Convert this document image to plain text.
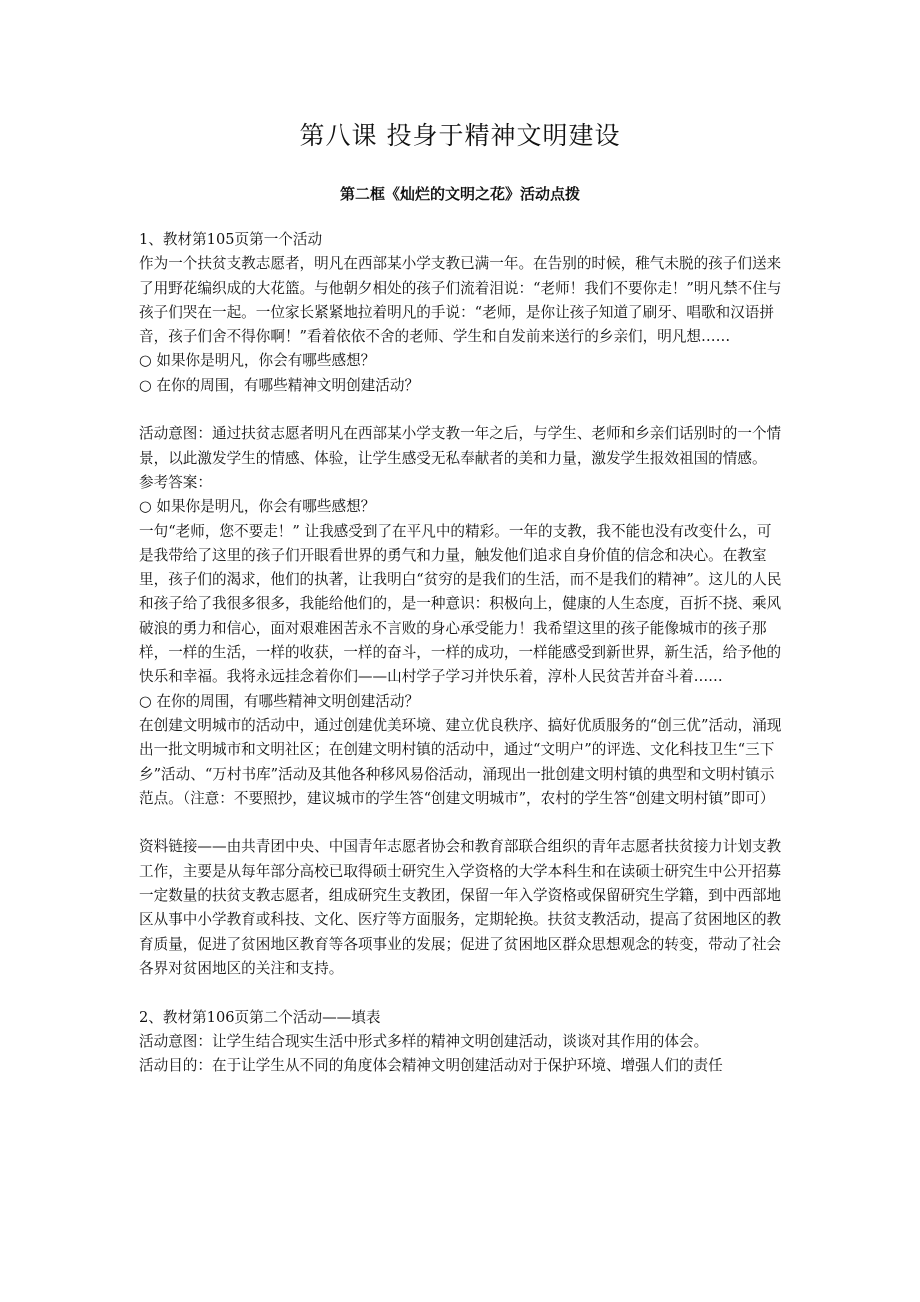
第八课 投身于精神文明建设
第二框《灿烂的文明之花》活动点拨

1、教材第105页第一个活动

作为一个扶贫支教志愿者，明凡在西部某小学支教已满一年。在告别的时候，稚气未脱的孩子们送来了用野花编织成的大花篮。与他朝夕相处的孩子们流着泪说：“老师！我们不要你走！”明凡禁不住与孩子们哭在一起。一位家长紧紧地拉着明凡的手说：“老师，是你让孩子知道了刷牙、唱歌和汉语拼音，孩子们舍不得你啊！”看着依依不舍的老师、学生和自发前来送行的乡亲们，明凡想……

○ 如果你是明凡，你会有哪些感想？

○ 在你的周围，有哪些精神文明创建活动？

活动意图：通过扶贫志愿者明凡在西部某小学支教一年之后，与学生、老师和乡亲们话别时的一个情景，以此激发学生的情感、体验，让学生感受无私奉献者的美和力量，激发学生报效祖国的情感。

参考答案：

○ 如果你是明凡，你会有哪些感想？

一句“老师，您不要走！” 让我感受到了在平凡中的精彩。一年的支教，我不能也没有改变什么，可是我带给了这里的孩子们开眼看世界的勇气和力量，触发他们追求自身价值的信念和决心。在教室里，孩子们的渴求，他们的执著，让我明白“贫穷的是我们的生活，而不是我们的精神”。这儿的人民和孩子给了我很多很多，我能给他们的，是一种意识：积极向上，健康的人生态度，百折不挠、乘风破浪的勇力和信心，面对艰难困苦永不言败的身心承受能力！我希望这里的孩子能像城市的孩子那样，一样的生活，一样的收获，一样的奋斗，一样的成功，一样能感受到新世界，新生活，给予他的快乐和幸福。我将永远挂念着你们——山村学子学习并快乐着，淳朴人民贫苦并奋斗着……

○ 在你的周围，有哪些精神文明创建活动？

在创建文明城市的活动中，通过创建优美环境、建立优良秩序、搞好优质服务的“创三优”活动，涌现出一批文明城市和文明社区；在创建文明村镇的活动中，通过“文明户”的评选、文化科技卫生“三下乡”活动、“万村书库”活动及其他各种移风易俗活动，涌现出一批创建文明村镇的典型和文明村镇示范点。（注意：不要照抄，建议城市的学生答“创建文明城市”，农村的学生答“创建文明村镇”即可）

资料链接——由共青团中央、中国青年志愿者协会和教育部联合组织的青年志愿者扶贫接力计划支教工作，主要是从每年部分高校已取得硕士研究生入学资格的大学本科生和在读硕士研究生中公开招募一定数量的扶贫支教志愿者，组成研究生支教团，保留一年入学资格或保留研究生学籍，到中西部地区从事中小学教育或科技、文化、医疗等方面服务，定期轮换。扶贫支教活动，提高了贫困地区的教育质量，促进了贫困地区教育等各项事业的发展；促进了贫困地区群众思想观念的转变，带动了社会各界对贫困地区的关注和支持。

2、教材第106页第二个活动——填表

活动意图：让学生结合现实生活中形式多样的精神文明创建活动，谈谈对其作用的体会。

活动目的：在于让学生从不同的角度体会精神文明创建活动对于保护环境、增强人们的责任
